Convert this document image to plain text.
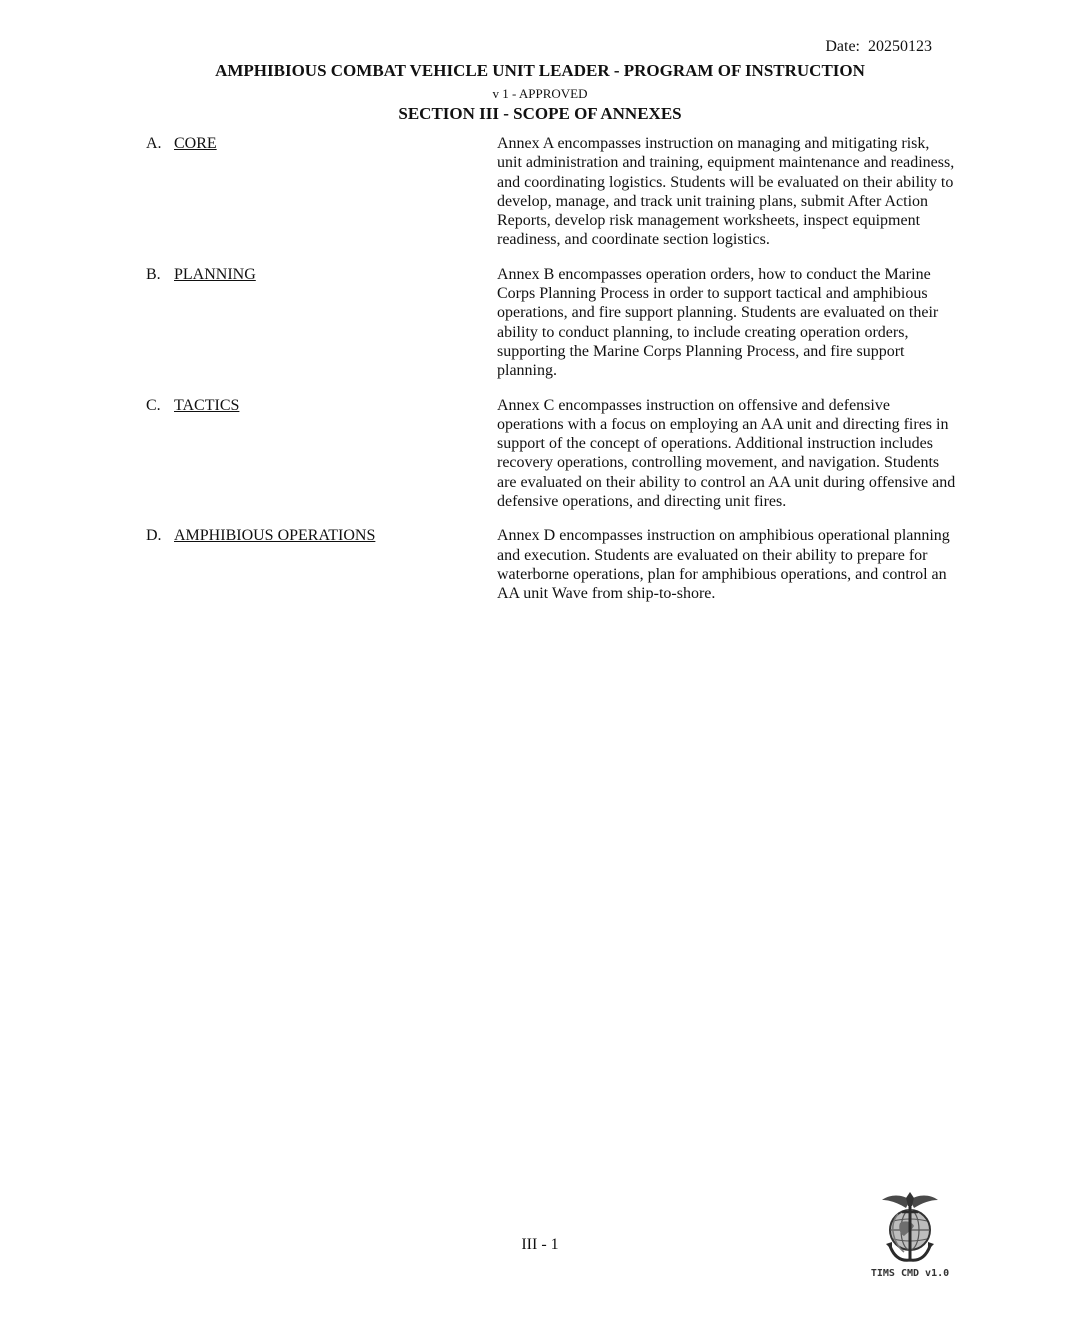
Date: 20250123
AMPHIBIOUS COMBAT VEHICLE UNIT LEADER - PROGRAM OF INSTRUCTION
v 1 - APPROVED
SECTION III - SCOPE OF ANNEXES
A. CORE	Annex A encompasses instruction on managing and mitigating risk, unit administration and training, equipment maintenance and readiness, and coordinating logistics. Students will be evaluated on their ability to develop, manage, and track unit training plans, submit After Action Reports, develop risk management worksheets, inspect equipment readiness, and coordinate section logistics.
B. PLANNING	Annex B encompasses operation orders, how to conduct the Marine Corps Planning Process in order to support tactical and amphibious operations, and fire support planning. Students are evaluated on their ability to conduct planning, to include creating operation orders, supporting the Marine Corps Planning Process, and fire support planning.
C. TACTICS	Annex C encompasses instruction on offensive and defensive operations with a focus on employing an AA unit and directing fires in support of the concept of operations. Additional instruction includes recovery operations, controlling movement, and navigation. Students are evaluated on their ability to control an AA unit during offensive and defensive operations, and directing unit fires.
D. AMPHIBIOUS OPERATIONS	Annex D encompasses instruction on amphibious operational planning and execution. Students are evaluated on their ability to prepare for waterborne operations, plan for amphibious operations, and control an AA unit Wave from ship-to-shore.
III - 1
TIMS CMD v1.0
